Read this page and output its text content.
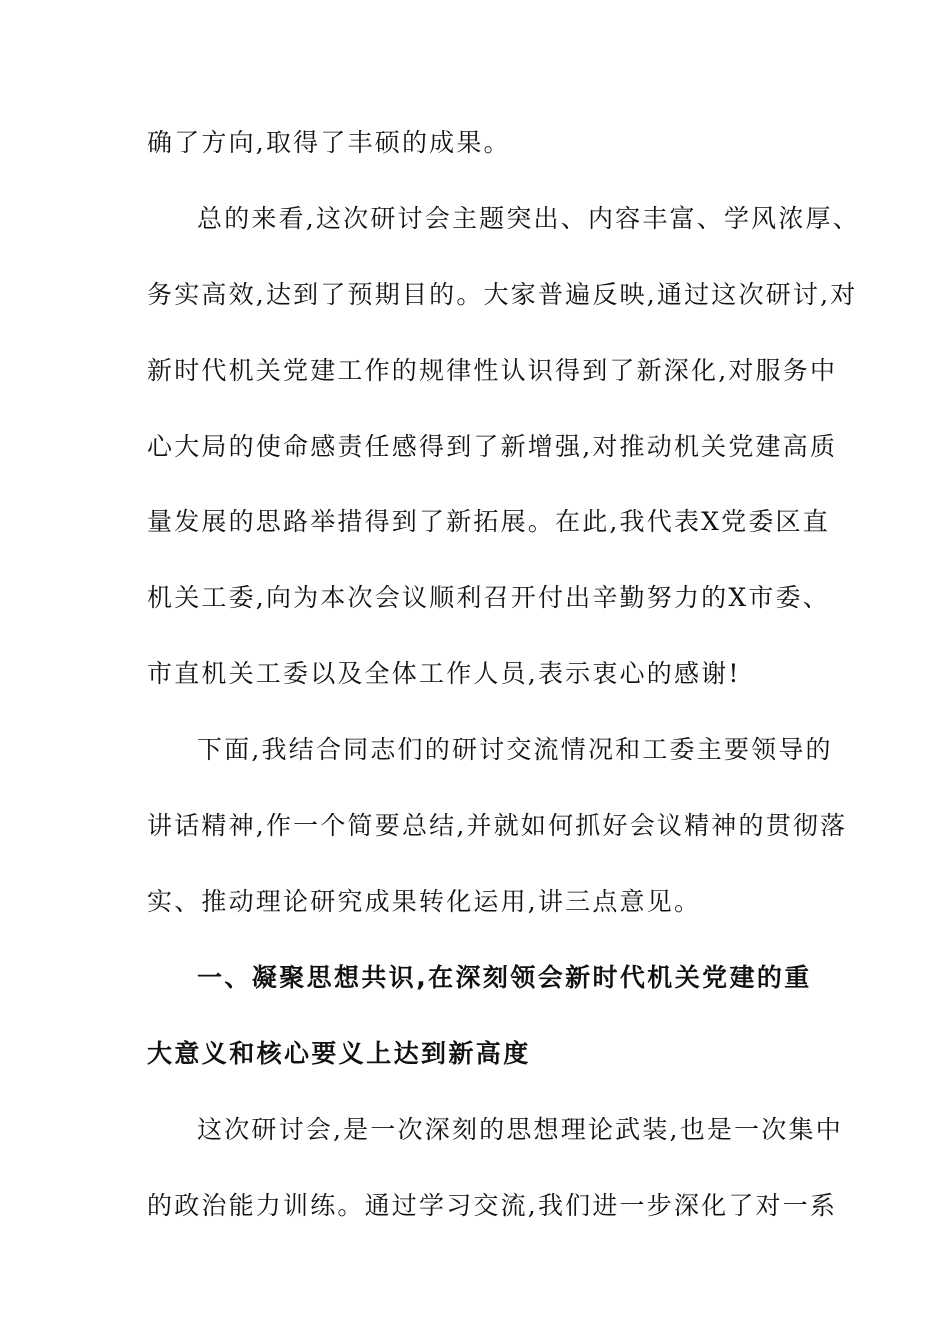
确了方向,取得了丰硕的成果。
总的来看,这次研讨会主题突出、内容丰富、学风浓厚、
务实高效,达到了预期目的。大家普遍反映,通过这次研讨,对
新时代机关党建工作的规律性认识得到了新深化,对服务中
心大局的使命感责任感得到了新增强,对推动机关党建高质
量发展的思路举措得到了新拓展。在此,我代表X党委区直
机关工委,向为本次会议顺利召开付出辛勤努力的X市委、
市直机关工委以及全体工作人员,表示衷心的感谢!
下面,我结合同志们的研讨交流情况和工委主要领导的
讲话精神,作一个简要总结,并就如何抓好会议精神的贯彻落
实、推动理论研究成果转化运用,讲三点意见。
一、凝聚思想共识,在深刻领会新时代机关党建的重
大意义和核心要义上达到新高度
这次研讨会,是一次深刻的思想理论武装,也是一次集中
的政治能力训练。通过学习交流,我们进一步深化了对一系
